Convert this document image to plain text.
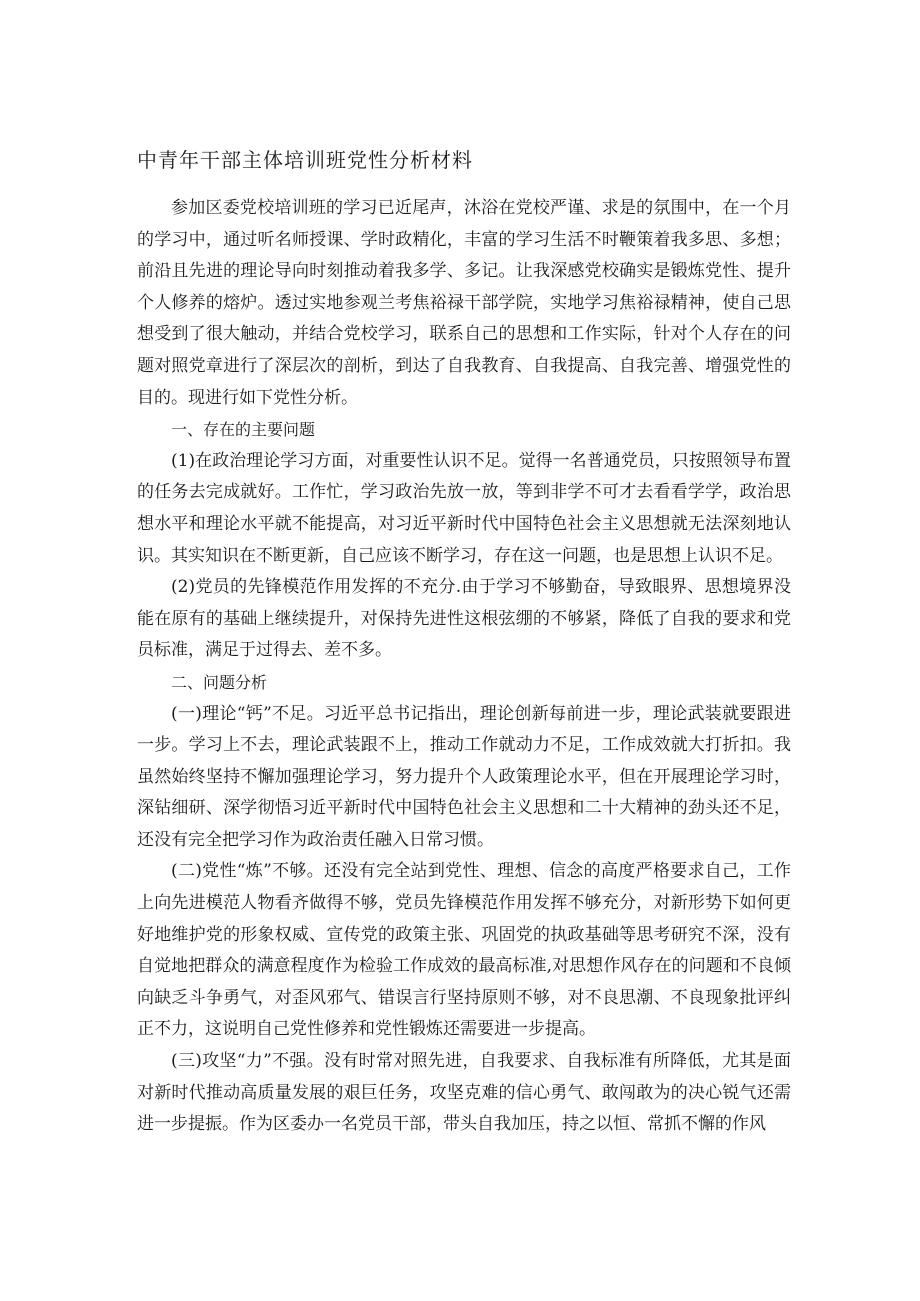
中青年干部主体培训班党性分析材料

参加区委党校培训班的学习已近尾声，沐浴在党校严谨、求是的氛围中，在一个月的学习中，通过听名师授课、学时政精化，丰富的学习生活不时鞭策着我多思、多想；前沿且先进的理论导向时刻推动着我多学、多记。让我深感党校确实是锻炼党性、提升个人修养的熔炉。透过实地参观兰考焦裕禄干部学院，实地学习焦裕禄精神，使自己思想受到了很大触动，并结合党校学习，联系自己的思想和工作实际，针对个人存在的问题对照党章进行了深层次的剖析，到达了自我教育、自我提高、自我完善、增强党性的目的。现进行如下党性分析。

一、存在的主要问题

(1)在政治理论学习方面，对重要性认识不足。觉得一名普通党员，只按照领导布置的任务去完成就好。工作忙，学习政治先放一放，等到非学不可才去看看学学，政治思想水平和理论水平就不能提高，对习近平新时代中国特色社会主义思想就无法深刻地认识。其实知识在不断更新，自己应该不断学习，存在这一问题，也是思想上认识不足。

(2)党员的先锋模范作用发挥的不充分.由于学习不够勤奋，导致眼界、思想境界没能在原有的基础上继续提升，对保持先进性这根弦绷的不够紧，降低了自我的要求和党员标准，满足于过得去、差不多。

二、问题分析

(一)理论“钙”不足。习近平总书记指出，理论创新每前进一步，理论武装就要跟进一步。学习上不去，理论武装跟不上，推动工作就动力不足，工作成效就大打折扣。我虽然始终坚持不懈加强理论学习，努力提升个人政策理论水平，但在开展理论学习时，深钻细研、深学彻悟习近平新时代中国特色社会主义思想和二十大精神的劲头还不足，还没有完全把学习作为政治责任融入日常习惯。

(二)党性“炼”不够。还没有完全站到党性、理想、信念的高度严格要求自己，工作上向先进模范人物看齐做得不够，党员先锋模范作用发挥不够充分，对新形势下如何更好地维护党的形象权威、宣传党的政策主张、巩固党的执政基础等思考研究不深，没有自觉地把群众的满意程度作为检验工作成效的最高标准,对思想作风存在的问题和不良倾向缺乏斗争勇气，对歪风邪气、错误言行坚持原则不够，对不良思潮、不良现象批评纠正不力，这说明自己党性修养和党性锻炼还需要进一步提高。

(三)攻坚“力”不强。没有时常对照先进，自我要求、自我标准有所降低，尤其是面对新时代推动高质量发展的艰巨任务，攻坚克难的信心勇气、敢闯敢为的决心锐气还需进一步提振。作为区委办一名党员干部，带头自我加压，持之以恒、常抓不懈的作风
